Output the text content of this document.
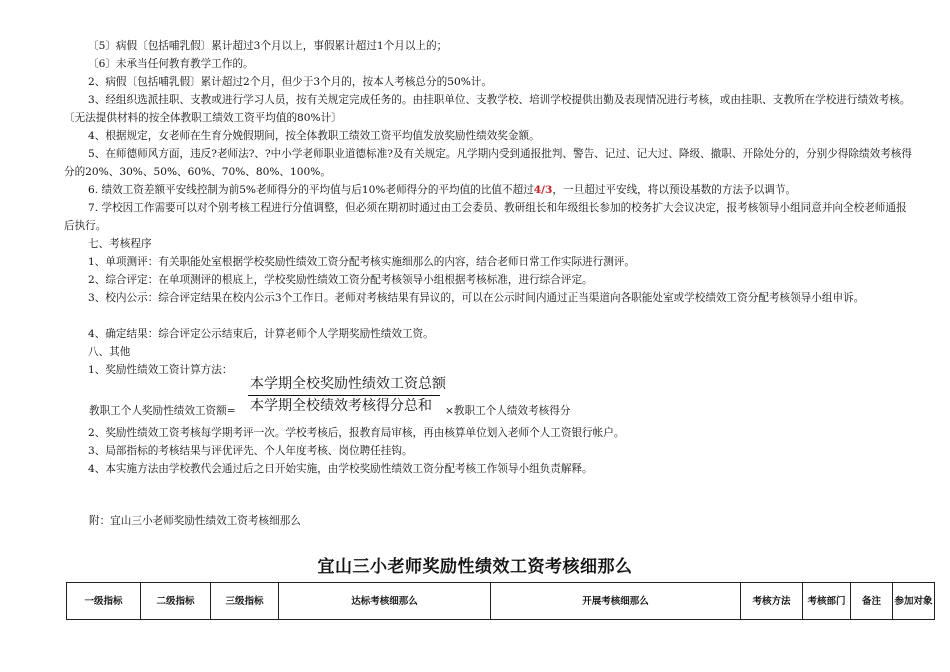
〔5〕病假〔包括哺乳假〕累计超过3个月以上，事假累计超过1个月以上的；

〔6〕未承当任何教育教学工作的。

2、病假〔包括哺乳假〕累计超过2个月，但少于3个月的，按本人考核总分的50%计。

3、经组织选派挂职、支教或进行学习人员，按有关规定完成任务的。由挂职单位、支教学校、培训学校提供出勤及表现情况进行考核，或由挂职、支教所在学校进行绩效考核。〔无法提供材料的按全体教职工绩效工资平均值的80%计〕

4、根据规定，女老师在生育分娩假期间，按全体教职工绩效工资平均值发放奖励性绩效奖金额。

5、在师德师风方面，违反?老师法?、?中小学老师职业道德标准?及有关规定。凡学期内受到通报批判、警告、记过、记大过、降级、撤职、开除处分的，分别少得除绩效考核得分的20%、30%、50%、60%、70%、80%、100%。

6. 绩效工资差额平安线控制为前5%老师得分的平均值与后10%老师得分的平均值的比值不超过4/3，一旦超过平安线，将以预设基数的方法予以调节。

7. 学校因工作需要可以对个别考核工程进行分值调整，但必须在期初时通过由工会委员、教研组长和年级组长参加的校务扩大会议决定，报考核领导小组同意并向全校老师通报后执行。

七、考核程序

1、单项测评：有关职能处室根据学校奖励性绩效工资分配考核实施细那么的内容，结合老师日常工作实际进行测评。

2、综合评定：在单项测评的根底上，学校奖励性绩效工资分配考核领导小组根据考核标准，进行综合评定。

3、校内公示：综合评定结果在校内公示3个工作日。老师对考核结果有异议的，可以在公示时间内通过正当渠道向各职能处室或学校绩效工资分配考核领导小组申诉。

4、确定结果：综合评定公示结束后，计算老师个人学期奖励性绩效工资。

八、其他

1、奖励性绩效工资计算方法：

本学期全校奖励性绩效工资总额
本学期全校绩效考核得分总和
教职工个人奖励性绩效工资额=	×教职工个人绩效考核得分

2、奖励性绩效工资考核每学期考评一次。学校考核后，报教育局审核，再由核算单位划入老师个人工资银行帐户。

3、局部指标的考核结果与评优评先、个人年度考核、岗位聘任挂钩。

4、本实施方法由学校教代会通过后之日开始实施，由学校奖励性绩效工资分配考核工作领导小组负责解释。

附：宜山三小老师奖励性绩效工资考核细那么
宜山三小老师奖励性绩效工资考核细那么
一级指标	二级指标	三级指标	达标考核细那么	开展考核细那么	考核方法	考核部门	备注	参加对象
